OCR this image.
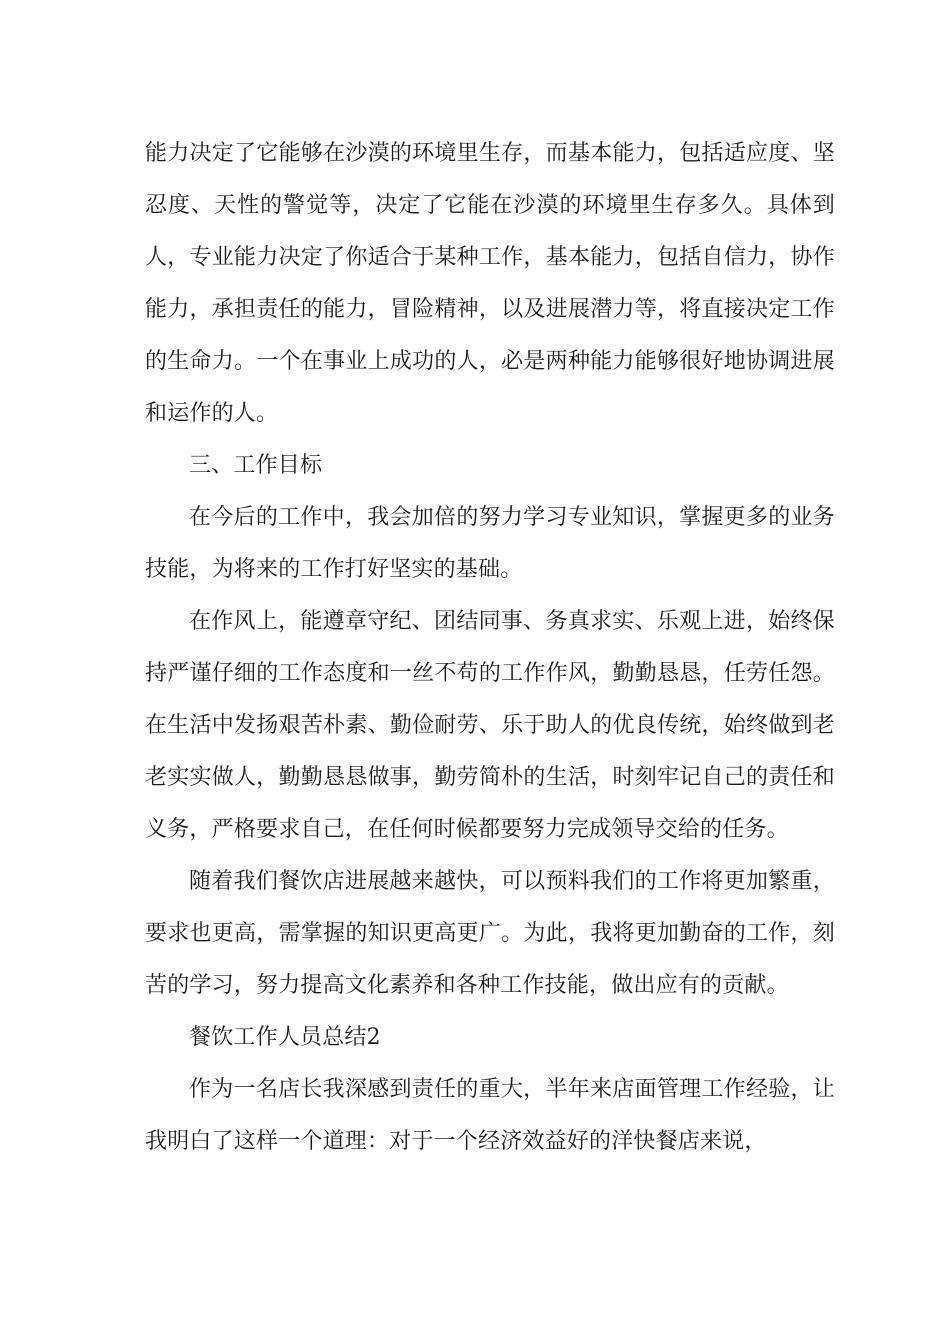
能力决定了它能够在沙漠的环境里生存，而基本能力，包括适应度、坚忍度、天性的警觉等，决定了它能在沙漠的环境里生存多久。具体到人，专业能力决定了你适合于某种工作，基本能力，包括自信力，协作能力，承担责任的能力，冒险精神，以及进展潜力等，将直接决定工作的生命力。一个在事业上成功的人，必是两种能力能够很好地协调进展和运作的人。

三、工作目标

在今后的工作中，我会加倍的努力学习专业知识，掌握更多的业务技能，为将来的工作打好坚实的基础。

在作风上，能遵章守纪、团结同事、务真求实、乐观上进，始终保持严谨仔细的工作态度和一丝不苟的工作作风，勤勤恳恳，任劳任怨。在生活中发扬艰苦朴素、勤俭耐劳、乐于助人的优良传统，始终做到老老实实做人，勤勤恳恳做事，勤劳简朴的生活，时刻牢记自己的责任和义务，严格要求自己，在任何时候都要努力完成领导交给的任务。

随着我们餐饮店进展越来越快，可以预料我们的工作将更加繁重，要求也更高，需掌握的知识更高更广。为此，我将更加勤奋的工作，刻苦的学习，努力提高文化素养和各种工作技能，做出应有的贡献。

餐饮工作人员总结2

作为一名店长我深感到责任的重大，半年来店面管理工作经验，让我明白了这样一个道理：对于一个经济效益好的洋快餐店来说，
